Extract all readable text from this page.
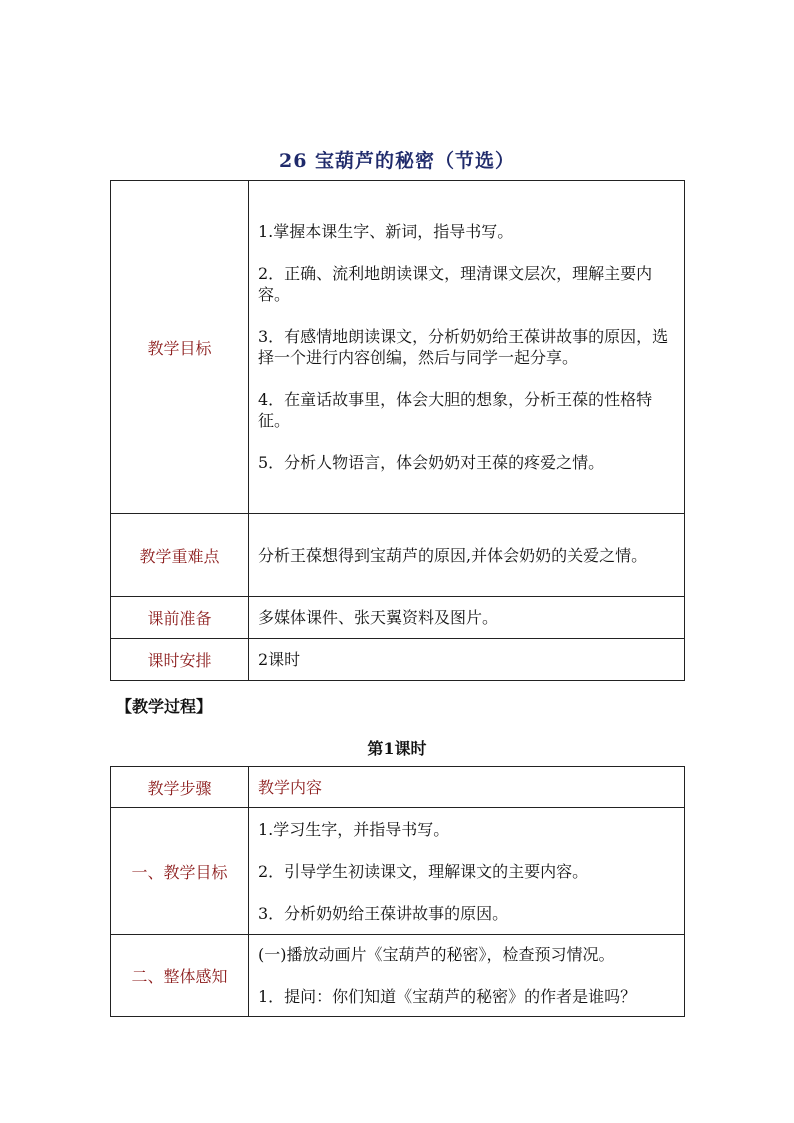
26 宝葫芦的秘密（节选）
教学目标	1.掌握本课生字、新词，指导书写。

2．正确、流利地朗读课文，理清课文层次，理解主要内容。

3．有感情地朗读课文，分析奶奶给王葆讲故事的原因，选择一个进行内容创编，然后与同学一起分享。

4．在童话故事里，体会大胆的想象，分析王葆的性格特征。

5．分析人物语言，体会奶奶对王葆的疼爱之情。

教学重难点	分析王葆想得到宝葫芦的原因,并体会奶奶的关爱之情。

课前准备	多媒体课件、张天翼资料及图片。
课时安排	2课时
【教学过程】
第1课时
教学步骤	教学内容
一、教学目标	1.学习生字，并指导书写。

2．引导学生初读课文，理解课文的主要内容。

3．分析奶奶给王葆讲故事的原因。

二、整体感知	(一)播放动画片《宝葫芦的秘密》，检查预习情况。

1．提问：你们知道《宝葫芦的秘密》的作者是谁吗？
